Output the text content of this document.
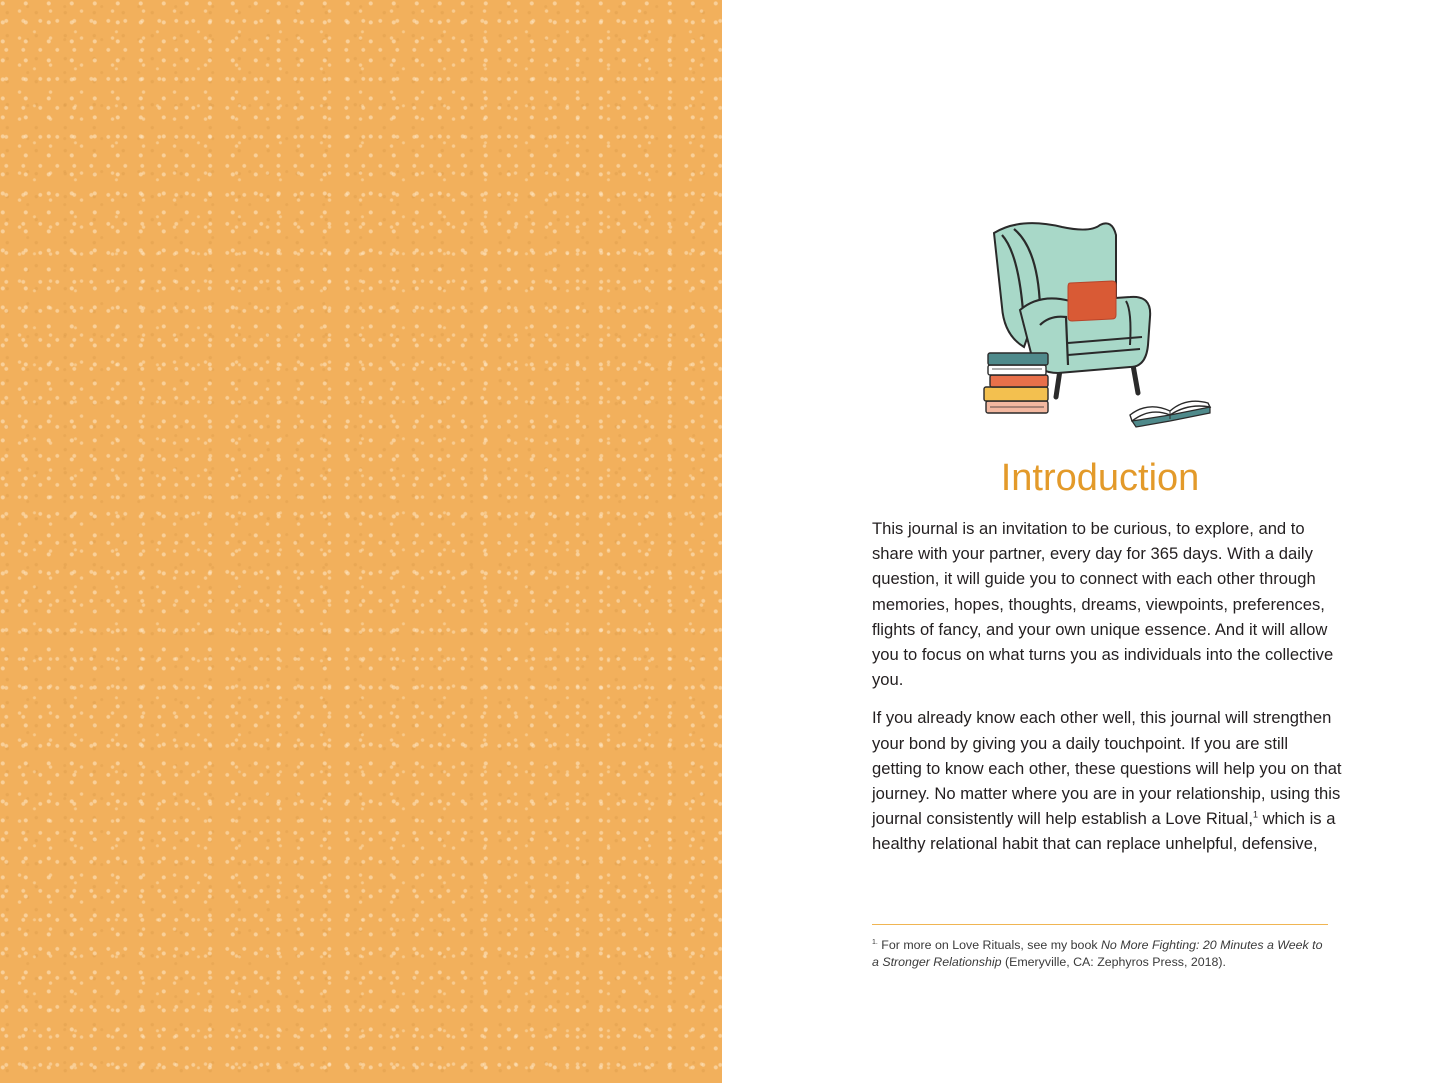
Introduction

This journal is an invitation to be curious, to explore, and to share with your partner, every day for 365 days. With a daily question, it will guide you to connect with each other through memories, hopes, thoughts, dreams, viewpoints, preferences, flights of fancy, and your own unique essence. And it will allow you to focus on what turns you as individuals into the collective you.

If you already know each other well, this journal will strengthen your bond by giving you a daily touchpoint. If you are still getting to know each other, these questions will help you on that journey. No matter where you are in your relationship, using this journal consistently will help establish a Love Ritual,$^1$ which is a healthy relational habit that can replace unhelpful, defensive,

$^{1.}$ For more on Love Rituals, see my book No More Fighting: 20 Minutes a Week to a Stronger Relationship (Emeryville, CA: Zephyros Press, 2018).
